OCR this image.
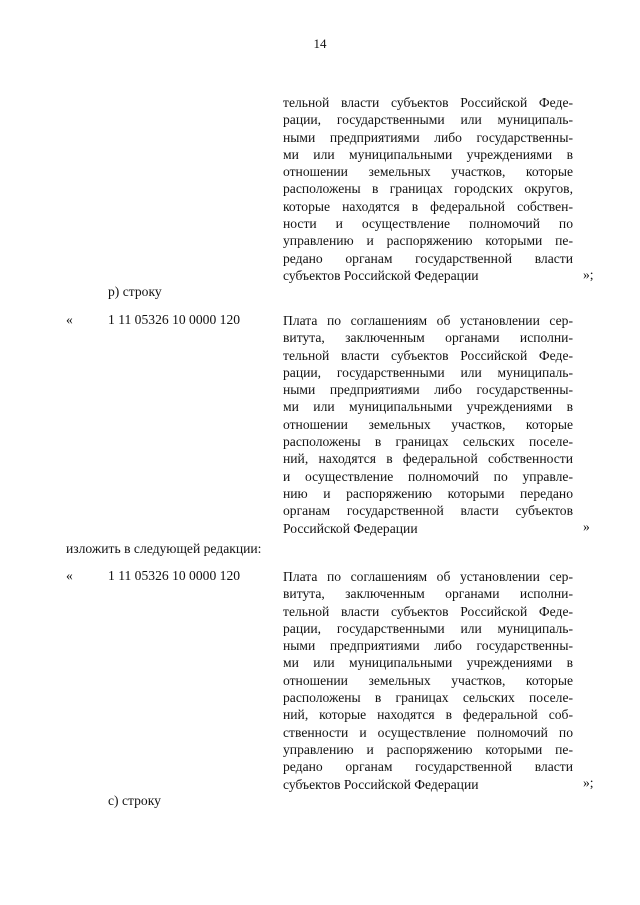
14
тельной власти субъектов Российской Феде-
рации, государственными или муниципаль-
ными предприятиями либо государственны-
ми или муниципальными учреждениями в
отношении земельных участков, которые
расположены в границах городских округов,
которые находятся в федеральной собствен-
ности и осуществление полномочий по
управлению и распоряжению которыми пе-
редано органам государственной власти
субъектов Российской Федерации	»;
р) строку
«	1 11 05326 10 0000 120	Плата по соглашениям об установлении сер-
витута, заключенным органами исполни-
тельной власти субъектов Российской Феде-
рации, государственными или муниципаль-
ными предприятиями либо государственны-
ми или муниципальными учреждениями в
отношении земельных участков, которые
расположены в границах сельских поселе-
ний, находятся в федеральной собственности
и осуществление полномочий по управле-
нию и распоряжению которыми передано
органам государственной власти субъектов
Российской Федерации	»
изложить в следующей редакции:
«	1 11 05326 10 0000 120	Плата по соглашениям об установлении сер-
витута, заключенным органами исполни-
тельной власти субъектов Российской Феде-
рации, государственными или муниципаль-
ными предприятиями либо государственны-
ми или муниципальными учреждениями в
отношении земельных участков, которые
расположены в границах сельских поселе-
ний, которые находятся в федеральной соб-
ственности и осуществление полномочий по
управлению и распоряжению которыми пе-
редано органам государственной власти
субъектов Российской Федерации	»;
с) строку
